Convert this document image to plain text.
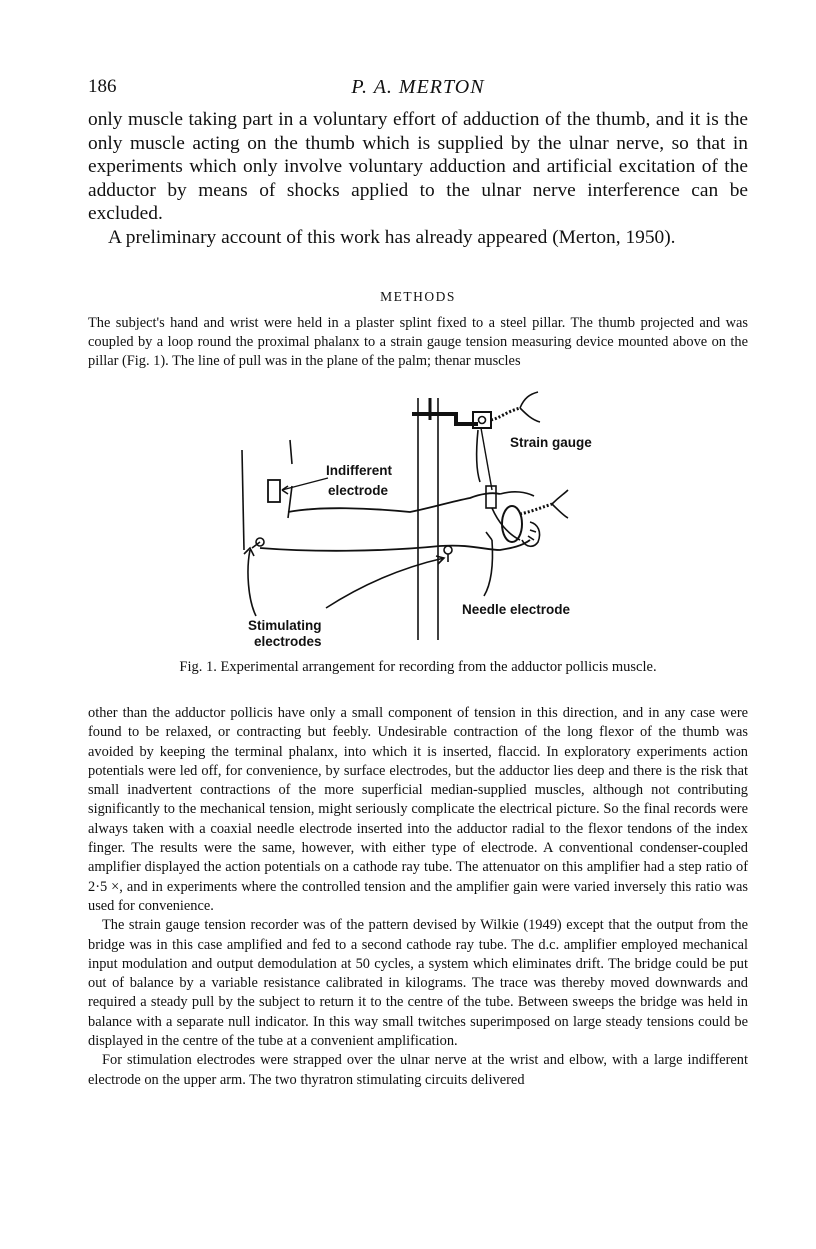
186	P. A. MERTON

only muscle taking part in a voluntary effort of adduction of the thumb, and it is the only muscle acting on the thumb which is supplied by the ulnar nerve, so that in experiments which only involve voluntary adduction and artificial excitation of the adductor by means of shocks applied to the ulnar nerve interference can be excluded.

A preliminary account of this work has already appeared (Merton, 1950).

METHODS

The subject's hand and wrist were held in a plaster splint fixed to a steel pillar. The thumb projected and was coupled by a loop round the proximal phalanx to a strain gauge tension measuring device mounted above on the pillar (Fig. 1). The line of pull was in the plane of the palm; thenar muscles

Strain gauge
Indifferent
electrode
Needle electrode
Stimulating
electrodes
Fig. 1. Experimental arrangement for recording from the adductor pollicis muscle.

other than the adductor pollicis have only a small component of tension in this direction, and in any case were found to be relaxed, or contracting but feebly. Undesirable contraction of the long flexor of the thumb was avoided by keeping the terminal phalanx, into which it is inserted, flaccid. In exploratory experiments action potentials were led off, for convenience, by surface electrodes, but the adductor lies deep and there is the risk that small inadvertent contractions of the more superficial median-supplied muscles, although not contributing significantly to the mechanical tension, might seriously complicate the electrical picture. So the final records were always taken with a coaxial needle electrode inserted into the adductor radial to the flexor tendons of the index finger. The results were the same, however, with either type of electrode. A conventional condenser-coupled amplifier displayed the action potentials on a cathode ray tube. The attenuator on this amplifier had a step ratio of 2·5 ×, and in experiments where the controlled tension and the amplifier gain were varied inversely this ratio was used for convenience.

The strain gauge tension recorder was of the pattern devised by Wilkie (1949) except that the output from the bridge was in this case amplified and fed to a second cathode ray tube. The d.c. amplifier employed mechanical input modulation and output demodulation at 50 cycles, a system which eliminates drift. The bridge could be put out of balance by a variable resistance calibrated in kilograms. The trace was thereby moved downwards and required a steady pull by the subject to return it to the centre of the tube. Between sweeps the bridge was held in balance with a separate null indicator. In this way small twitches superimposed on large steady tensions could be displayed in the centre of the tube at a convenient amplification.

For stimulation electrodes were strapped over the ulnar nerve at the wrist and elbow, with a large indifferent electrode on the upper arm. The two thyratron stimulating circuits delivered
